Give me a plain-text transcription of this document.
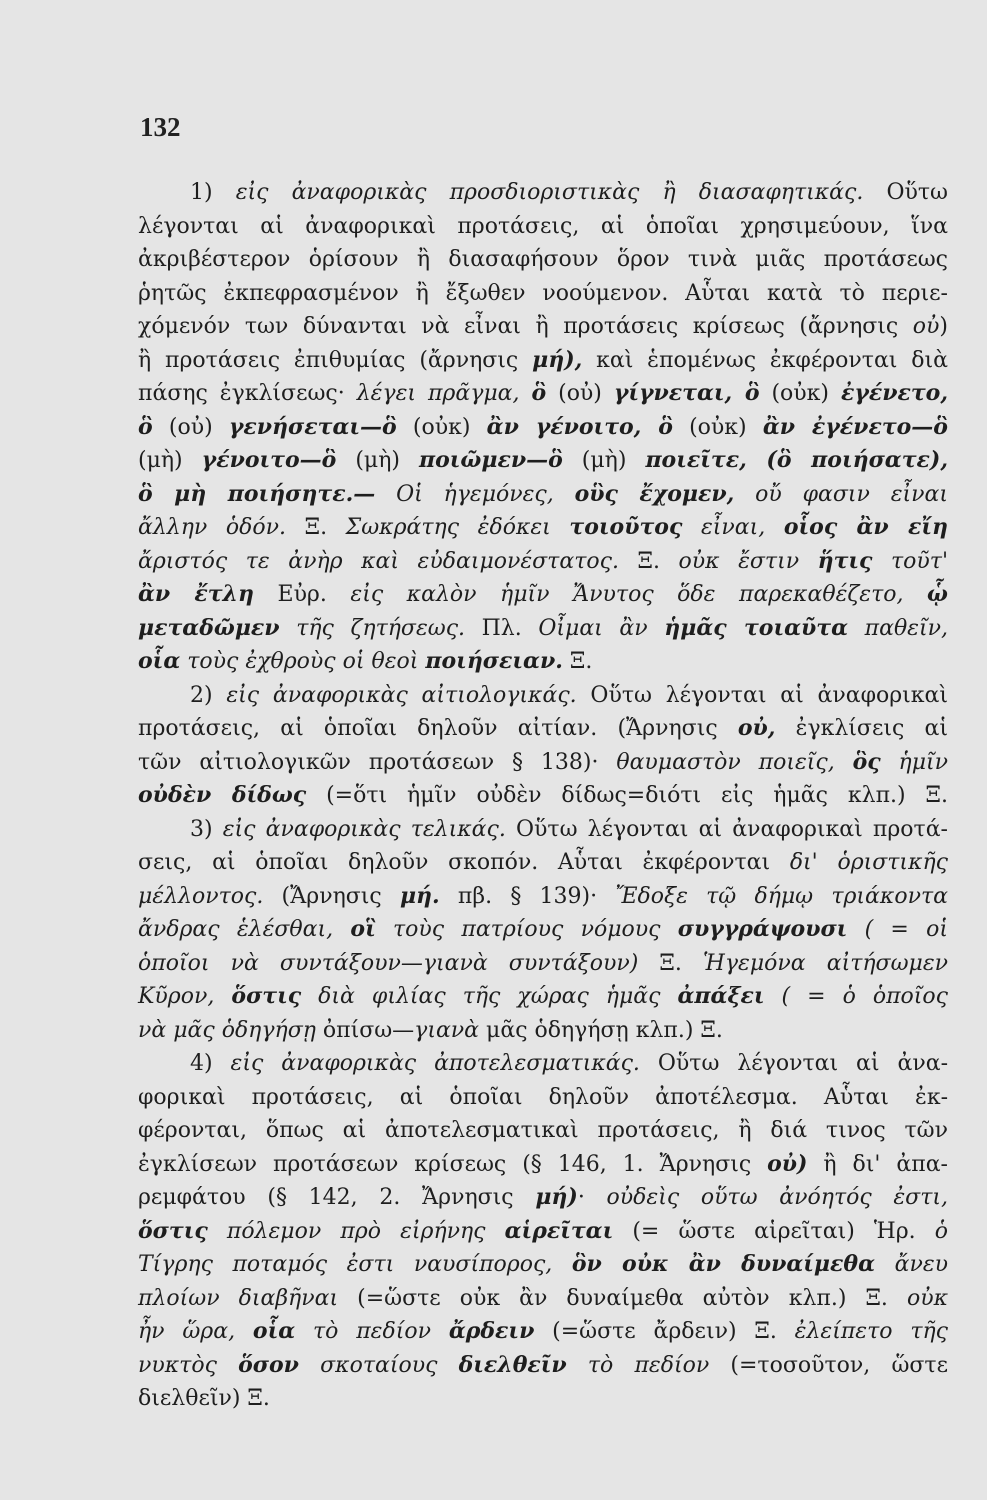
132
1) εἰς ἀναφορικὰς προσδιοριστικὰς ἢ διασαφητικάς. Οὕτω
λέγονται αἱ ἀναφορικαὶ προτάσεις, αἱ ὁποῖαι χρησιμεύουν, ἵνα
ἀκριβέστερον ὁρίσουν ἢ διασαφήσουν ὅρον τινὰ μιᾶς προτάσεως
ῥητῶς ἐκπεφρασμένον ἢ ἔξωθεν νοούμενον. Αὗται κατὰ τὸ περιε-
χόμενόν των δύνανται νὰ εἶναι ἢ προτάσεις κρίσεως (ἄρνησις οὐ)
ἢ προτάσεις ἐπιθυμίας (ἄρνησις μή), καὶ ἑπομένως ἐκφέρονται διὰ
πάσης ἐγκλίσεως· λέγει πρᾶγμα, ὃ (οὐ) γίγνεται, ὃ (οὐκ) ἐγένετο,
ὃ (οὐ) γενήσεται—ὃ (οὐκ) ἂν γένοιτο, ὃ (οὐκ) ἂν ἐγένετο—ὃ
(μὴ) γένοιτο—ὃ (μὴ) ποιῶμεν—ὃ (μὴ) ποιεῖτε, (ὃ ποιήσατε),
ὃ μὴ ποιήσητε.— Οἱ ἡγεμόνες, οὓς ἔχομεν, οὔ φασιν εἶναι
ἄλλην ὁδόν. Ξ. Σωκράτης ἐδόκει τοιοῦτος εἶναι, οἷος ἂν εἴη
ἄριστός τε ἀνὴρ καὶ εὐδαιμονέστατος. Ξ. οὐκ ἔστιν ἥτις τοῦτ'
ἂν ἔτλη Εὐρ. εἰς καλὸν ἡμῖν Ἄνυτος ὅδε παρεκαθέζετο, ᾧ
μεταδῶμεν τῆς ζητήσεως. Πλ. Οἶμαι ἂν ἡμᾶς τοιαῦτα παθεῖν,
οἷα τοὺς ἐχθροὺς οἱ θεοὶ ποιήσειαν. Ξ.
2) εἰς ἀναφορικὰς αἰτιολογικάς. Οὕτω λέγονται αἱ ἀναφορικαὶ
προτάσεις, αἱ ὁποῖαι δηλοῦν αἰτίαν. (Ἄρνησις οὐ, ἐγκλίσεις αἱ
τῶν αἰτιολογικῶν προτάσεων § 138)· θαυμαστὸν ποιεῖς, ὃς ἡμῖν
οὐδὲν δίδως (=ὅτι ἡμῖν οὐδὲν δίδως=διότι εἰς ἡμᾶς κλπ.) Ξ.
3) εἰς ἀναφορικὰς τελικάς. Οὕτω λέγονται αἱ ἀναφορικαὶ προτά-
σεις, αἱ ὁποῖαι δηλοῦν σκοπόν. Αὗται ἐκφέρονται δι' ὁριστικῆς
μέλλοντος. (Ἄρνησις μή. πβ. § 139)· Ἔδοξε τῷ δήμῳ τριάκοντα
ἄνδρας ἑλέσθαι, οἳ τοὺς πατρίους νόμους συγγράψουσι ( = οἱ
ὁποῖοι νὰ συντάξουν—γιανὰ συντάξουν) Ξ. Ἡγεμόνα αἰτήσωμεν
Κῦρον, ὅστις διὰ φιλίας τῆς χώρας ἡμᾶς ἀπάξει ( = ὁ ὁποῖος
νὰ μᾶς ὁδηγήσῃ ὀπίσω—γιανὰ μᾶς ὁδηγήσῃ κλπ.) Ξ.
4) εἰς ἀναφορικὰς ἀποτελεσματικάς. Οὕτω λέγονται αἱ ἀνα-
φορικαὶ προτάσεις, αἱ ὁποῖαι δηλοῦν ἀποτέλεσμα. Αὗται ἐκ-
φέρονται, ὅπως αἱ ἀποτελεσματικαὶ προτάσεις, ἢ διά τινος τῶν
ἐγκλίσεων προτάσεων κρίσεως (§ 146, 1. Ἄρνησις οὐ) ἢ δι' ἀπα-
ρεμφάτου (§ 142, 2. Ἄρνησις μή)· οὐδεὶς οὕτω ἀνόητός ἐστι,
ὅστις πόλεμον πρὸ εἰρήνης αἱρεῖται (= ὥστε αἱρεῖται) Ἡρ. ὁ
Τίγρης ποταμός ἐστι ναυσίπορος, ὃν οὐκ ἂν δυναίμεθα ἄνευ
πλοίων διαβῆναι (=ὥστε οὐκ ἂν δυναίμεθα αὐτὸν κλπ.) Ξ. οὐκ
ἦν ὥρα, οἷα τὸ πεδίον ἄρδειν (=ὥστε ἄρδειν) Ξ. ἐλείπετο τῆς
νυκτὸς ὅσον σκοταίους διελθεῖν τὸ πεδίον (=τοσοῦτον, ὥστε
διελθεῖν) Ξ.
